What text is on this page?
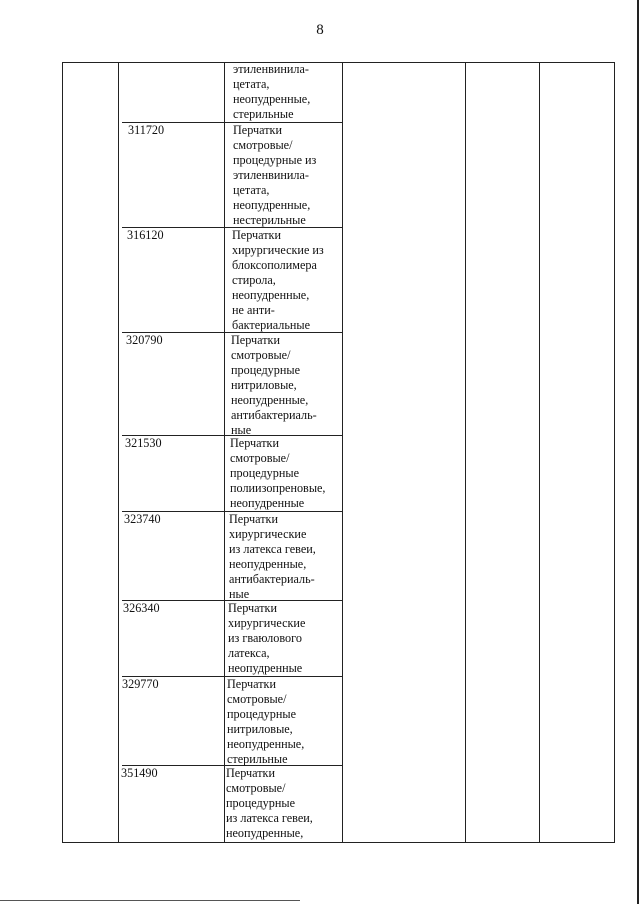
8
этиленвинила-
цетата,
неопудренные,
стерильные
311720	Перчатки
смотровые/
процедурные из
этиленвинила-
цетата,
неопудренные,
нестерильные
316120	Перчатки
хирургические из
блоксополимера
стирола,
неопудренные,
не анти-
бактериальные
320790	Перчатки
смотровые/
процедурные
нитриловые,
неопудренные,
антибактериаль-
ные
321530	Перчатки
смотровые/
процедурные
полиизопреновые,
неопудренные
323740	Перчатки
хирургические
из латекса гевеи,
неопудренные,
антибактериаль-
ные
326340	Перчатки
хирургические
из гваюлового
латекса,
неопудренные
329770	Перчатки
смотровые/
процедурные
нитриловые,
неопудренные,
стерильные
351490	Перчатки
смотровые/
процедурные
из латекса гевеи,
неопудренные,
